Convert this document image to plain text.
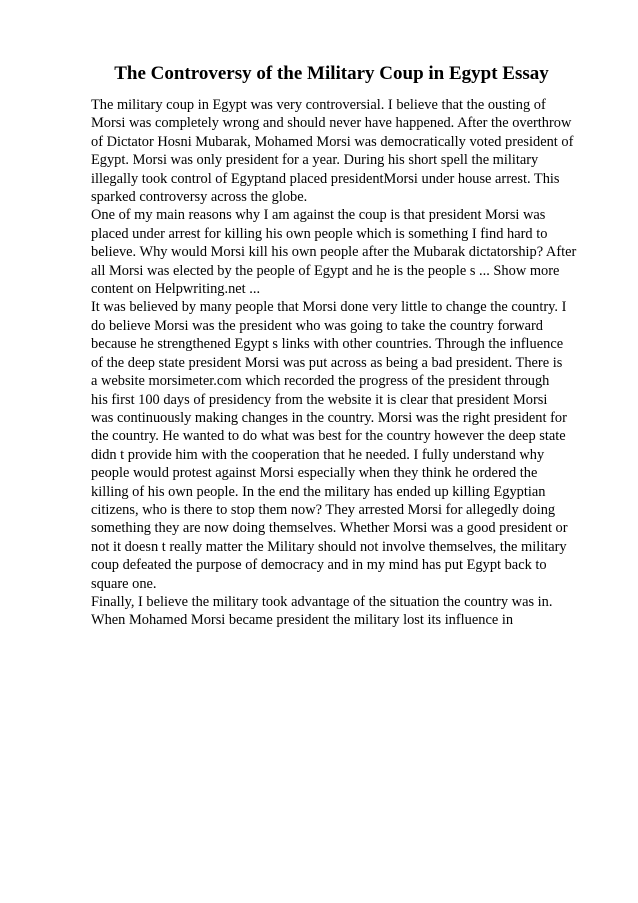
The Controversy of the Military Coup in Egypt Essay
The military coup in Egypt was very controversial. I believe that the ousting of
Morsi was completely wrong and should never have happened. After the overthrow
of Dictator Hosni Mubarak, Mohamed Morsi was democratically voted president of
Egypt. Morsi was only president for a year. During his short spell the military
illegally took control of Egyptand placed presidentMorsi under house arrest. This
sparked controversy across the globe.
One of my main reasons why I am against the coup is that president Morsi was
placed under arrest for killing his own people which is something I find hard to
believe. Why would Morsi kill his own people after the Mubarak dictatorship? After
all Morsi was elected by the people of Egypt and he is the people s ... Show more
content on Helpwriting.net ...
It was believed by many people that Morsi done very little to change the country. I
do believe Morsi was the president who was going to take the country forward
because he strengthened Egypt s links with other countries. Through the influence
of the deep state president Morsi was put across as being a bad president. There is
a website morsimeter.com which recorded the progress of the president through
his first 100 days of presidency from the website it is clear that president Morsi
was continuously making changes in the country. Morsi was the right president for
the country. He wanted to do what was best for the country however the deep state
didn t provide him with the cooperation that he needed. I fully understand why
people would protest against Morsi especially when they think he ordered the
killing of his own people. In the end the military has ended up killing Egyptian
citizens, who is there to stop them now? They arrested Morsi for allegedly doing
something they are now doing themselves. Whether Morsi was a good president or
not it doesn t really matter the Military should not involve themselves, the military
coup defeated the purpose of democracy and in my mind has put Egypt back to
square one.
Finally, I believe the military took advantage of the situation the country was in.
When Mohamed Morsi became president the military lost its influence in
